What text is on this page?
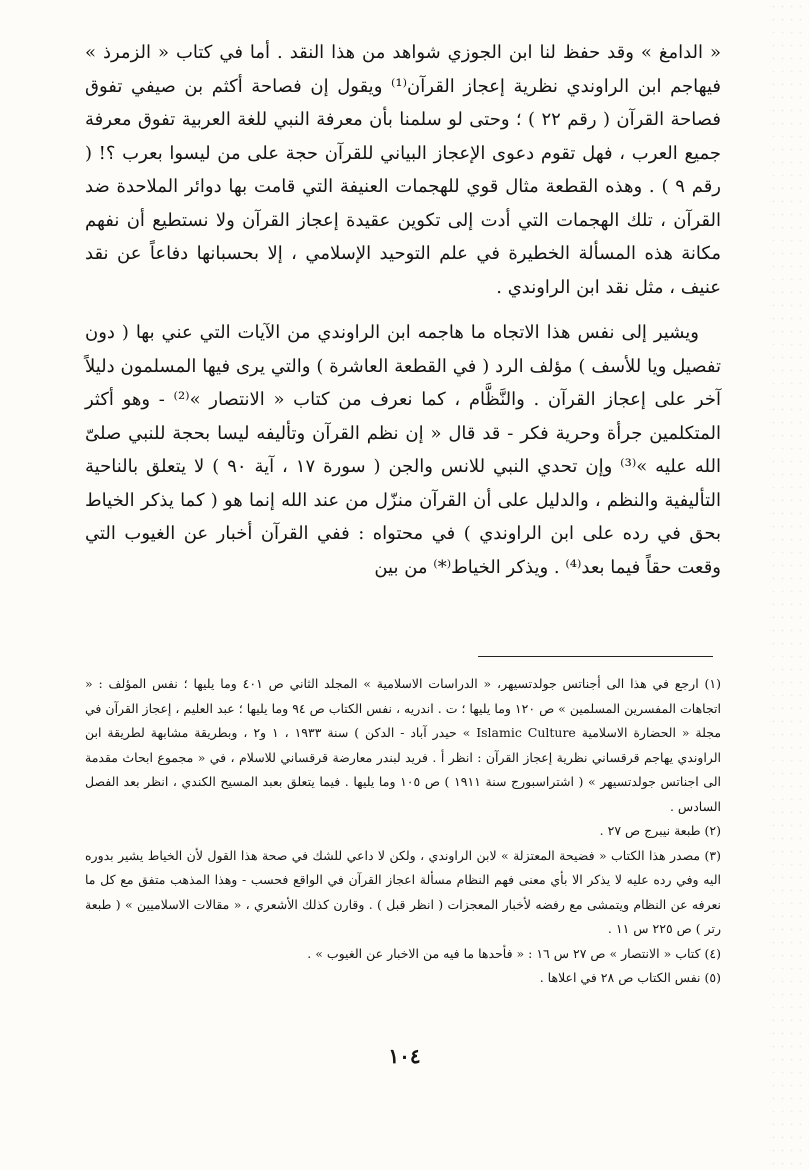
« الدامغ » وقد حفظ لنا ابن الجوزي شواهد من هذا النقد . أما في كتاب « الزمرذ » فيهاجم ابن الراوندي نظرية إعجاز القرآن⁽¹⁾ ويقول إن فصاحة أكثم بن صيفي تفوق فصاحة القرآن ( رقم ٢٢ ) ؛ وحتى لو سلمنا بأن معرفة النبي للغة العربية تفوق معرفة جميع العرب ، فهل تقوم دعوى الإعجاز البياني للقرآن حجة على من ليسوا بعرب ؟! ( رقم ٩ ) . وهذه القطعة مثال قوي للهجمات العنيفة التي قامت بها دوائر الملاحدة ضد القرآن ، تلك الهجمات التي أدت إلى تكوين عقيدة إعجاز القرآن ولا نستطيع أن نفهم مكانة هذه المسألة الخطيرة في علم التوحيد الإسلامي ، إلا بحسبانها دفاعاً عن نقد عنيف ، مثل نقد ابن الراوندي .

ويشير إلى نفس هذا الاتجاه ما هاجمه ابن الراوندي من الآيات التي عني بها ( دون تفصيل ويا للأسف ) مؤلف الرد ( في القطعة العاشرة ) والتي يرى فيها المسلمون دليلاً آخر على إعجاز القرآن . والنَّظَّام ، كما نعرف من كتاب « الانتصار »⁽²⁾ - وهو أكثر المتكلمين جرأة وحرية فكر - قد قال « إن نظم القرآن وتأليفه ليسا بحجة للنبي صلىّ الله عليه »⁽³⁾ وإن تحدي النبي للانس والجن ( سورة ١٧ ، آية ٩٠ ) لا يتعلق بالناحية التأليفية والنظم ، والدليل على أن القرآن منزّل من عند الله إنما هو ( كما يذكر الخياط بحق في رده على ابن الراوندي ) في محتواه : ففي القرآن أخبار عن الغيوب التي وقعت حقاً فيما بعد⁽⁴⁾ . ويذكر الخياط⁽*⁾ من بين

(١) ارجع في هذا الى أجناتس جولدتسيهر، « الدراسات الاسلامية » المجلد الثاني ص ٤٠١ وما يليها ؛ نفس المؤلف : « اتجاهات المفسرين المسلمين » ص ١٢٠ وما يليها ؛ ت . اندريه ، نفس الكتاب ص ٩٤ وما يليها ؛ عبد العليم ، إعجاز القرآن في مجلة « الحضارة الاسلامية Islamic Culture » حيدر آباد - الدكن ) سنة ١٩٣٣ ، ١ و٢ ، وبطريقة مشابهة لطريقة ابن الراوندي يهاجم قرقساني نظرية إعجاز القرآن : انظر أ . فريد لبندر معارضة قرقساني للاسلام ، في « مجموع ابحاث مقدمة الى اجناتس جولدتسيهر » ( اشتراسبورج سنة ١٩١١ ) ص ١٠٥ وما يليها . فيما يتعلق بعبد المسيح الكندي ، انظر بعد الفصل السادس .

(٢) طبعة نيبرج ص ٢٧ .

(٣) مصدر هذا الكتاب « فضيحة المعتزلة » لابن الراوندي ، ولكن لا داعي للشك في صحة هذا القول لأن الخياط يشير بدوره اليه وفي رده عليه لا يذكر الا بأي معنى فهم النظام مسألة اعجاز القرآن في الواقع فحسب - وهذا المذهب متفق مع كل ما نعرفه عن النظام ويتمشى مع رفضه لأخبار المعجزات ( انظر قبل ) . وقارن كذلك الأشعري ، « مقالات الاسلاميين » ( طبعة رتر ) ص ٢٢٥ س ١١ .

(٤) كتاب « الانتصار » ص ٢٧ س ١٦ : « فأحدها ما فيه من الاخبار عن الغيوب » .

(٥) نفس الكتاب ص ٢٨ في اعلاها .

١٠٤
